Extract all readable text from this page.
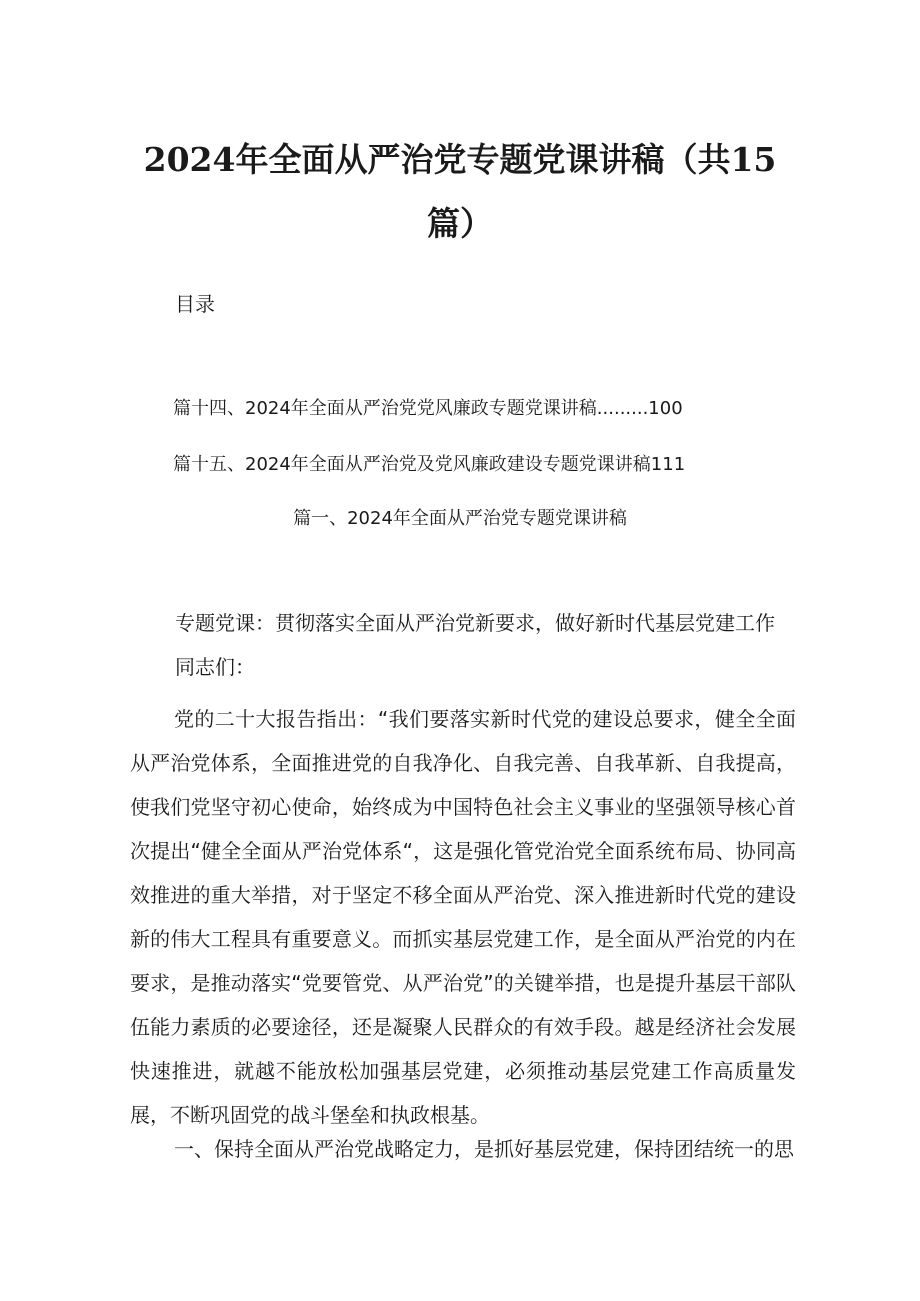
2024年全面从严治党专题党课讲稿（共15
篇）
目录
篇十四、2024年全面从严治党党风廉政专题党课讲稿.........100
篇十五、2024年全面从严治党及党风廉政建设专题党课讲稿111
篇一、2024年全面从严治党专题党课讲稿
专题党课：贯彻落实全面从严治党新要求，做好新时代基层党建工作
同志们：
党的二十大报告指出：“我们要落实新时代党的建设总要求，健全全面从严治党体系，全面推进党的自我净化、自我完善、自我革新、自我提高，使我们党坚守初心使命，始终成为中国特色社会主义事业的坚强领导核心首次提出“健全全面从严治党体系“，这是强化管党治党全面系统布局、协同高效推进的重大举措，对于坚定不移全面从严治党、深入推进新时代党的建设新的伟大工程具有重要意义。而抓实基层党建工作，是全面从严治党的内在要求，是推动落实“党要管党、从严治党”的关键举措，也是提升基层干部队伍能力素质的必要途径，还是凝聚人民群众的有效手段。越是经济社会发展快速推进，就越不能放松加强基层党建，必须推动基层党建工作高质量发展，不断巩固党的战斗堡垒和执政根基。
一、保持全面从严治党战略定力，是抓好基层党建，保持团结统一的思
